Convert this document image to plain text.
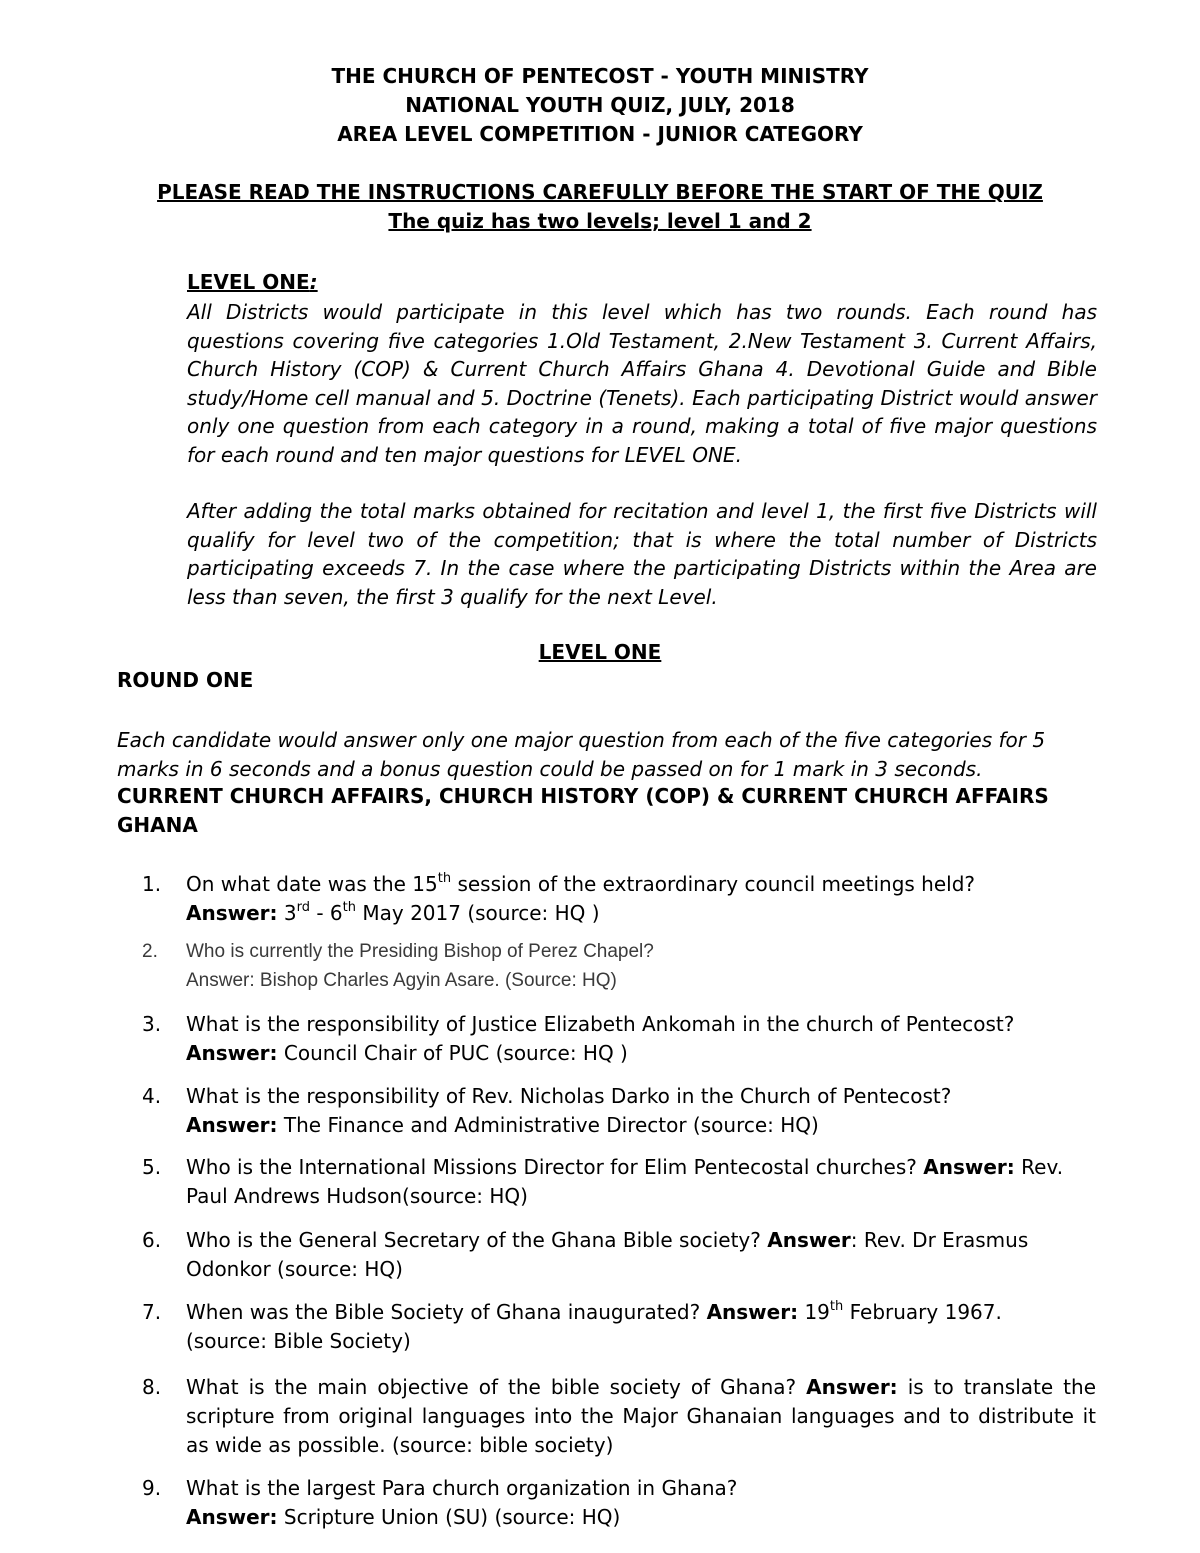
THE CHURCH OF PENTECOST - YOUTH MINISTRY
NATIONAL YOUTH QUIZ, JULY, 2018
AREA LEVEL COMPETITION - JUNIOR CATEGORY
PLEASE READ THE INSTRUCTIONS CAREFULLY BEFORE THE START OF THE QUIZ
The quiz has two levels; level 1 and 2
LEVEL ONE:
All Districts would participate in this level which has two rounds. Each round has questions covering five categories 1.Old Testament, 2.New Testament 3. Current Affairs, Church History (COP) & Current Church Affairs Ghana 4. Devotional Guide and Bible study/Home cell manual and 5. Doctrine (Tenets). Each participating District would answer only one question from each category in a round, making a total of five major questions for each round and ten major questions for LEVEL ONE.
After adding the total marks obtained for recitation and level 1, the first five Districts will qualify for level two of the competition; that is where the total number of Districts participating exceeds 7. In the case where the participating Districts within the Area are less than seven, the first 3 qualify for the next Level.
LEVEL ONE
ROUND ONE
Each candidate would answer only one major question from each of the five categories for 5 marks in 6 seconds and a bonus question could be passed on for 1 mark in 3 seconds.
CURRENT CHURCH AFFAIRS, CHURCH HISTORY (COP) & CURRENT CHURCH AFFAIRS GHANA
1.	On what date was the 15th session of the extraordinary council meetings held?
Answer: 3rd - 6th May 2017 (source: HQ )
2.	Who is currently the Presiding Bishop of Perez Chapel?
Answer: Bishop Charles Agyin Asare. (Source: HQ)
3.	What is the responsibility of Justice Elizabeth Ankomah in the church of Pentecost?
Answer: Council Chair of PUC (source: HQ )
4.	What is the responsibility of Rev. Nicholas Darko in the Church of Pentecost? Answer: The Finance and Administrative Director (source: HQ)
5.	Who is the International Missions Director for Elim Pentecostal churches? Answer: Rev. Paul Andrews Hudson(source: HQ)
6.	Who is the General Secretary of the Ghana Bible society? Answer: Rev. Dr Erasmus Odonkor (source: HQ)
7.	When was the Bible Society of Ghana inaugurated? Answer: 19th February 1967. (source: Bible Society)
8.	What is the main objective of the bible society of Ghana? Answer: is to translate the scripture from original languages into the Major Ghanaian languages and to distribute it as wide as possible. (source: bible society)
9.	What is the largest Para church organization in Ghana? Answer: Scripture Union (SU) (source: HQ)
